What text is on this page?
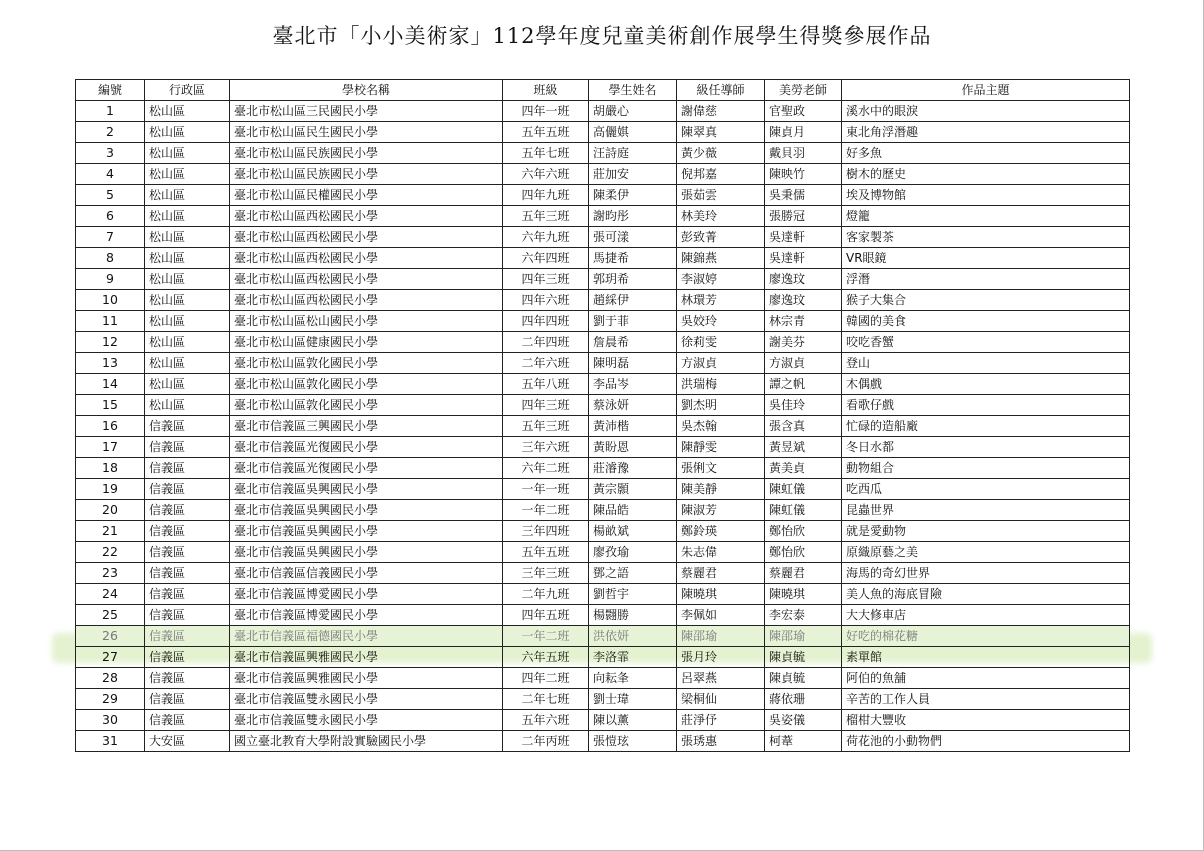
臺北市「小小美術家」112學年度兒童美術創作展學生得獎參展作品
編號	行政區	學校名稱	班級	學生姓名	級任導師	美勞老師	作品主題
1	松山區	臺北市松山區三民國民小學	四年一班	胡嚴心	謝偉慈	官聖政	溪水中的眼淚
2	松山區	臺北市松山區民生國民小學	五年五班	高儷娸	陳翠真	陳貞月	東北角浮潛趣
3	松山區	臺北市松山區民族國民小學	五年七班	汪詩庭	黃少薇	戴貝羽	好多魚
4	松山區	臺北市松山區民族國民小學	六年六班	莊加安	倪邦嘉	陳映竹	樹木的歷史
5	松山區	臺北市松山區民權國民小學	四年九班	陳柔伊	張茹雲	吳秉儒	埃及博物館
6	松山區	臺北市松山區西松國民小學	五年三班	謝昀彤	林美玲	張勝冠	燈籠
7	松山區	臺北市松山區西松國民小學	六年九班	張可漾	彭致菁	吳達軒	客家製茶
8	松山區	臺北市松山區西松國民小學	六年四班	馬捷希	陳錦燕	吳達軒	VR眼鏡
9	松山區	臺北市松山區西松國民小學	四年三班	郭玥希	李淑婷	廖逸玟	浮潛
10	松山區	臺北市松山區西松國民小學	四年六班	趙綵伊	林環芳	廖逸玟	猴子大集合
11	松山區	臺北市松山區松山國民小學	四年四班	劉于菲	吳姣玲	林宗青	韓國的美食
12	松山區	臺北市松山區健康國民小學	二年四班	詹晨希	徐莉雯	謝美芬	咬吃香蟹
13	松山區	臺北市松山區敦化國民小學	二年六班	陳明磊	方淑貞	方淑貞	登山
14	松山區	臺北市松山區敦化國民小學	五年八班	李品岑	洪瑞梅	譚之帆	木偶戲
15	松山區	臺北市松山區敦化國民小學	四年三班	蔡泳妍	劉杰明	吳佳玲	看歌仔戲
16	信義區	臺北市信義區三興國民小學	五年三班	黃沛楷	吳杰翰	張含真	忙碌的造船廠
17	信義區	臺北市信義區光復國民小學	三年六班	黃盼恩	陳靜雯	黃昱斌	冬日水都
18	信義區	臺北市信義區光復國民小學	六年二班	莊濬豫	張俐文	黃美貞	動物組合
19	信義區	臺北市信義區吳興國民小學	一年一班	黃宗顥	陳美靜	陳虹儀	吃西瓜
20	信義區	臺北市信義區吳興國民小學	一年二班	陳品皓	陳淑芳	陳虹儀	昆蟲世界
21	信義區	臺北市信義區吳興國民小學	三年四班	楊畝斌	鄭鈴瑛	鄭怡欣	就是愛動物
22	信義區	臺北市信義區吳興國民小學	五年五班	廖孜瑜	朱志偉	鄭怡欣	原織原藝之美
23	信義區	臺北市信義區信義國民小學	三年三班	鄧之語	蔡麗君	蔡麗君	海馬的奇幻世界
24	信義區	臺北市信義區博愛國民小學	二年九班	劉哲宇	陳曉琪	陳曉琪	美人魚的海底冒險
25	信義區	臺北市信義區博愛國民小學	四年五班	楊翾勝	李佩如	李宏泰	大大修車店
26	信義區	臺北市信義區福德國民小學	一年二班	洪依妍	陳邵瑜	陳邵瑜	好吃的棉花糖
27	信義區	臺北市信義區興雅國民小學	六年五班	李洛霏	張月玲	陳貞毓	素單館
28	信義區	臺北市信義區興雅國民小學	四年二班	向耘夆	呂翠燕	陳貞毓	阿伯的魚舖
29	信義區	臺北市信義區雙永國民小學	二年七班	劉士瑋	梁桐仙	蔣依珊	辛苦的工作人員
30	信義區	臺北市信義區雙永國民小學	五年六班	陳以薰	莊淨伃	吳姿儀	榴柑大豐收
31	大安區	國立臺北教育大學附設實驗國民小學	二年丙班	張愷玹	張琇惠	柯葦	荷花池的小動物們
